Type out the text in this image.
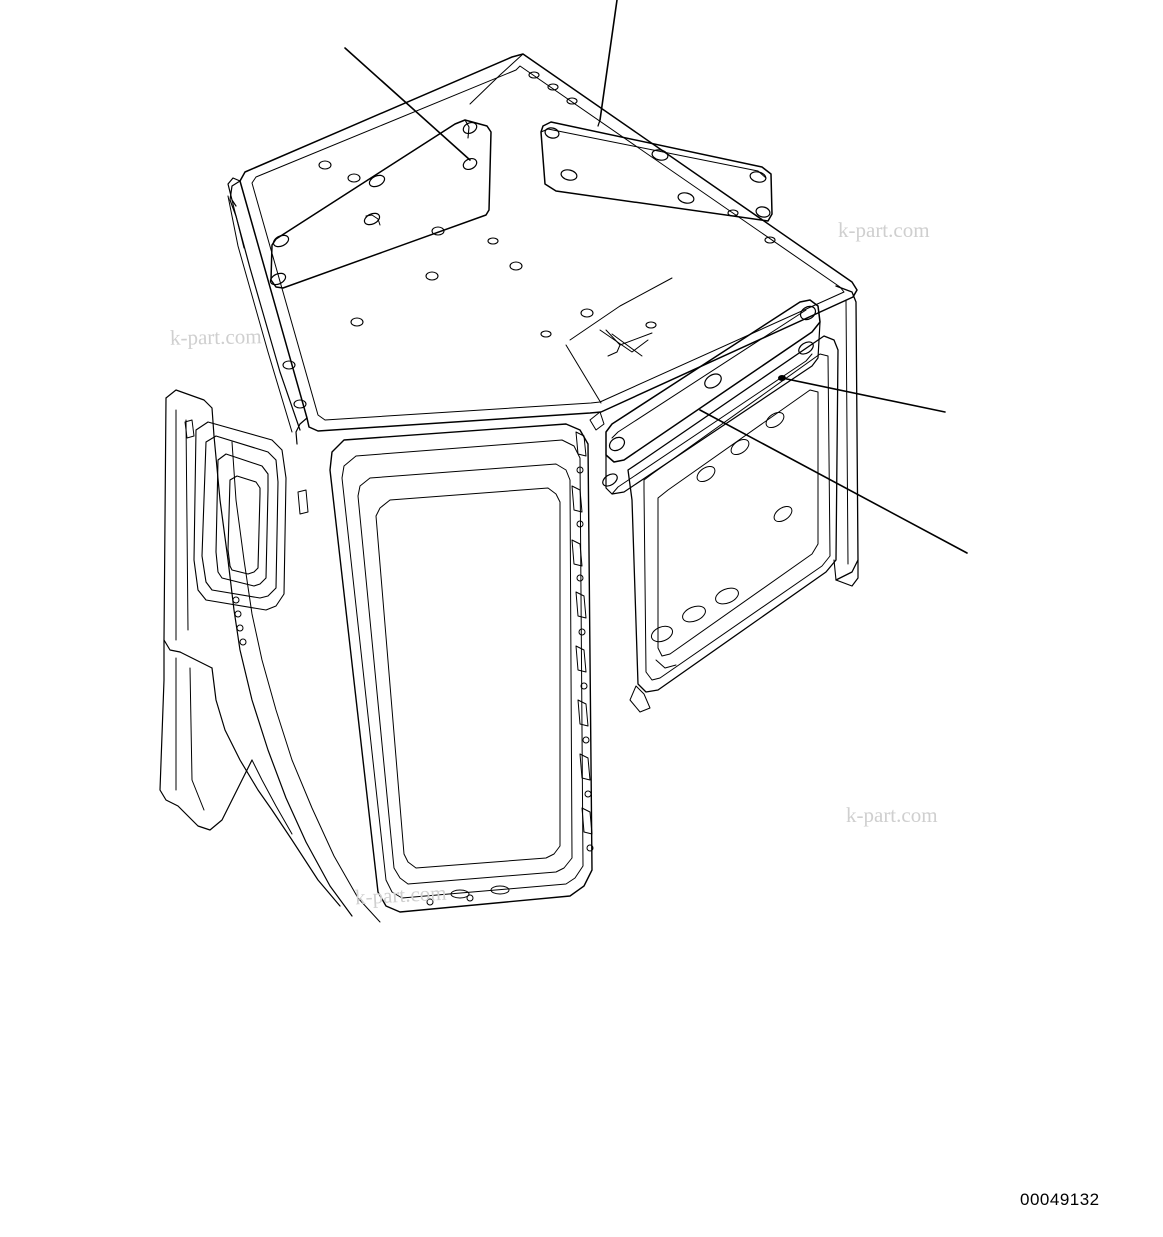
k-part.com
k-part.com
k-part.com
k-part.com
00049132
